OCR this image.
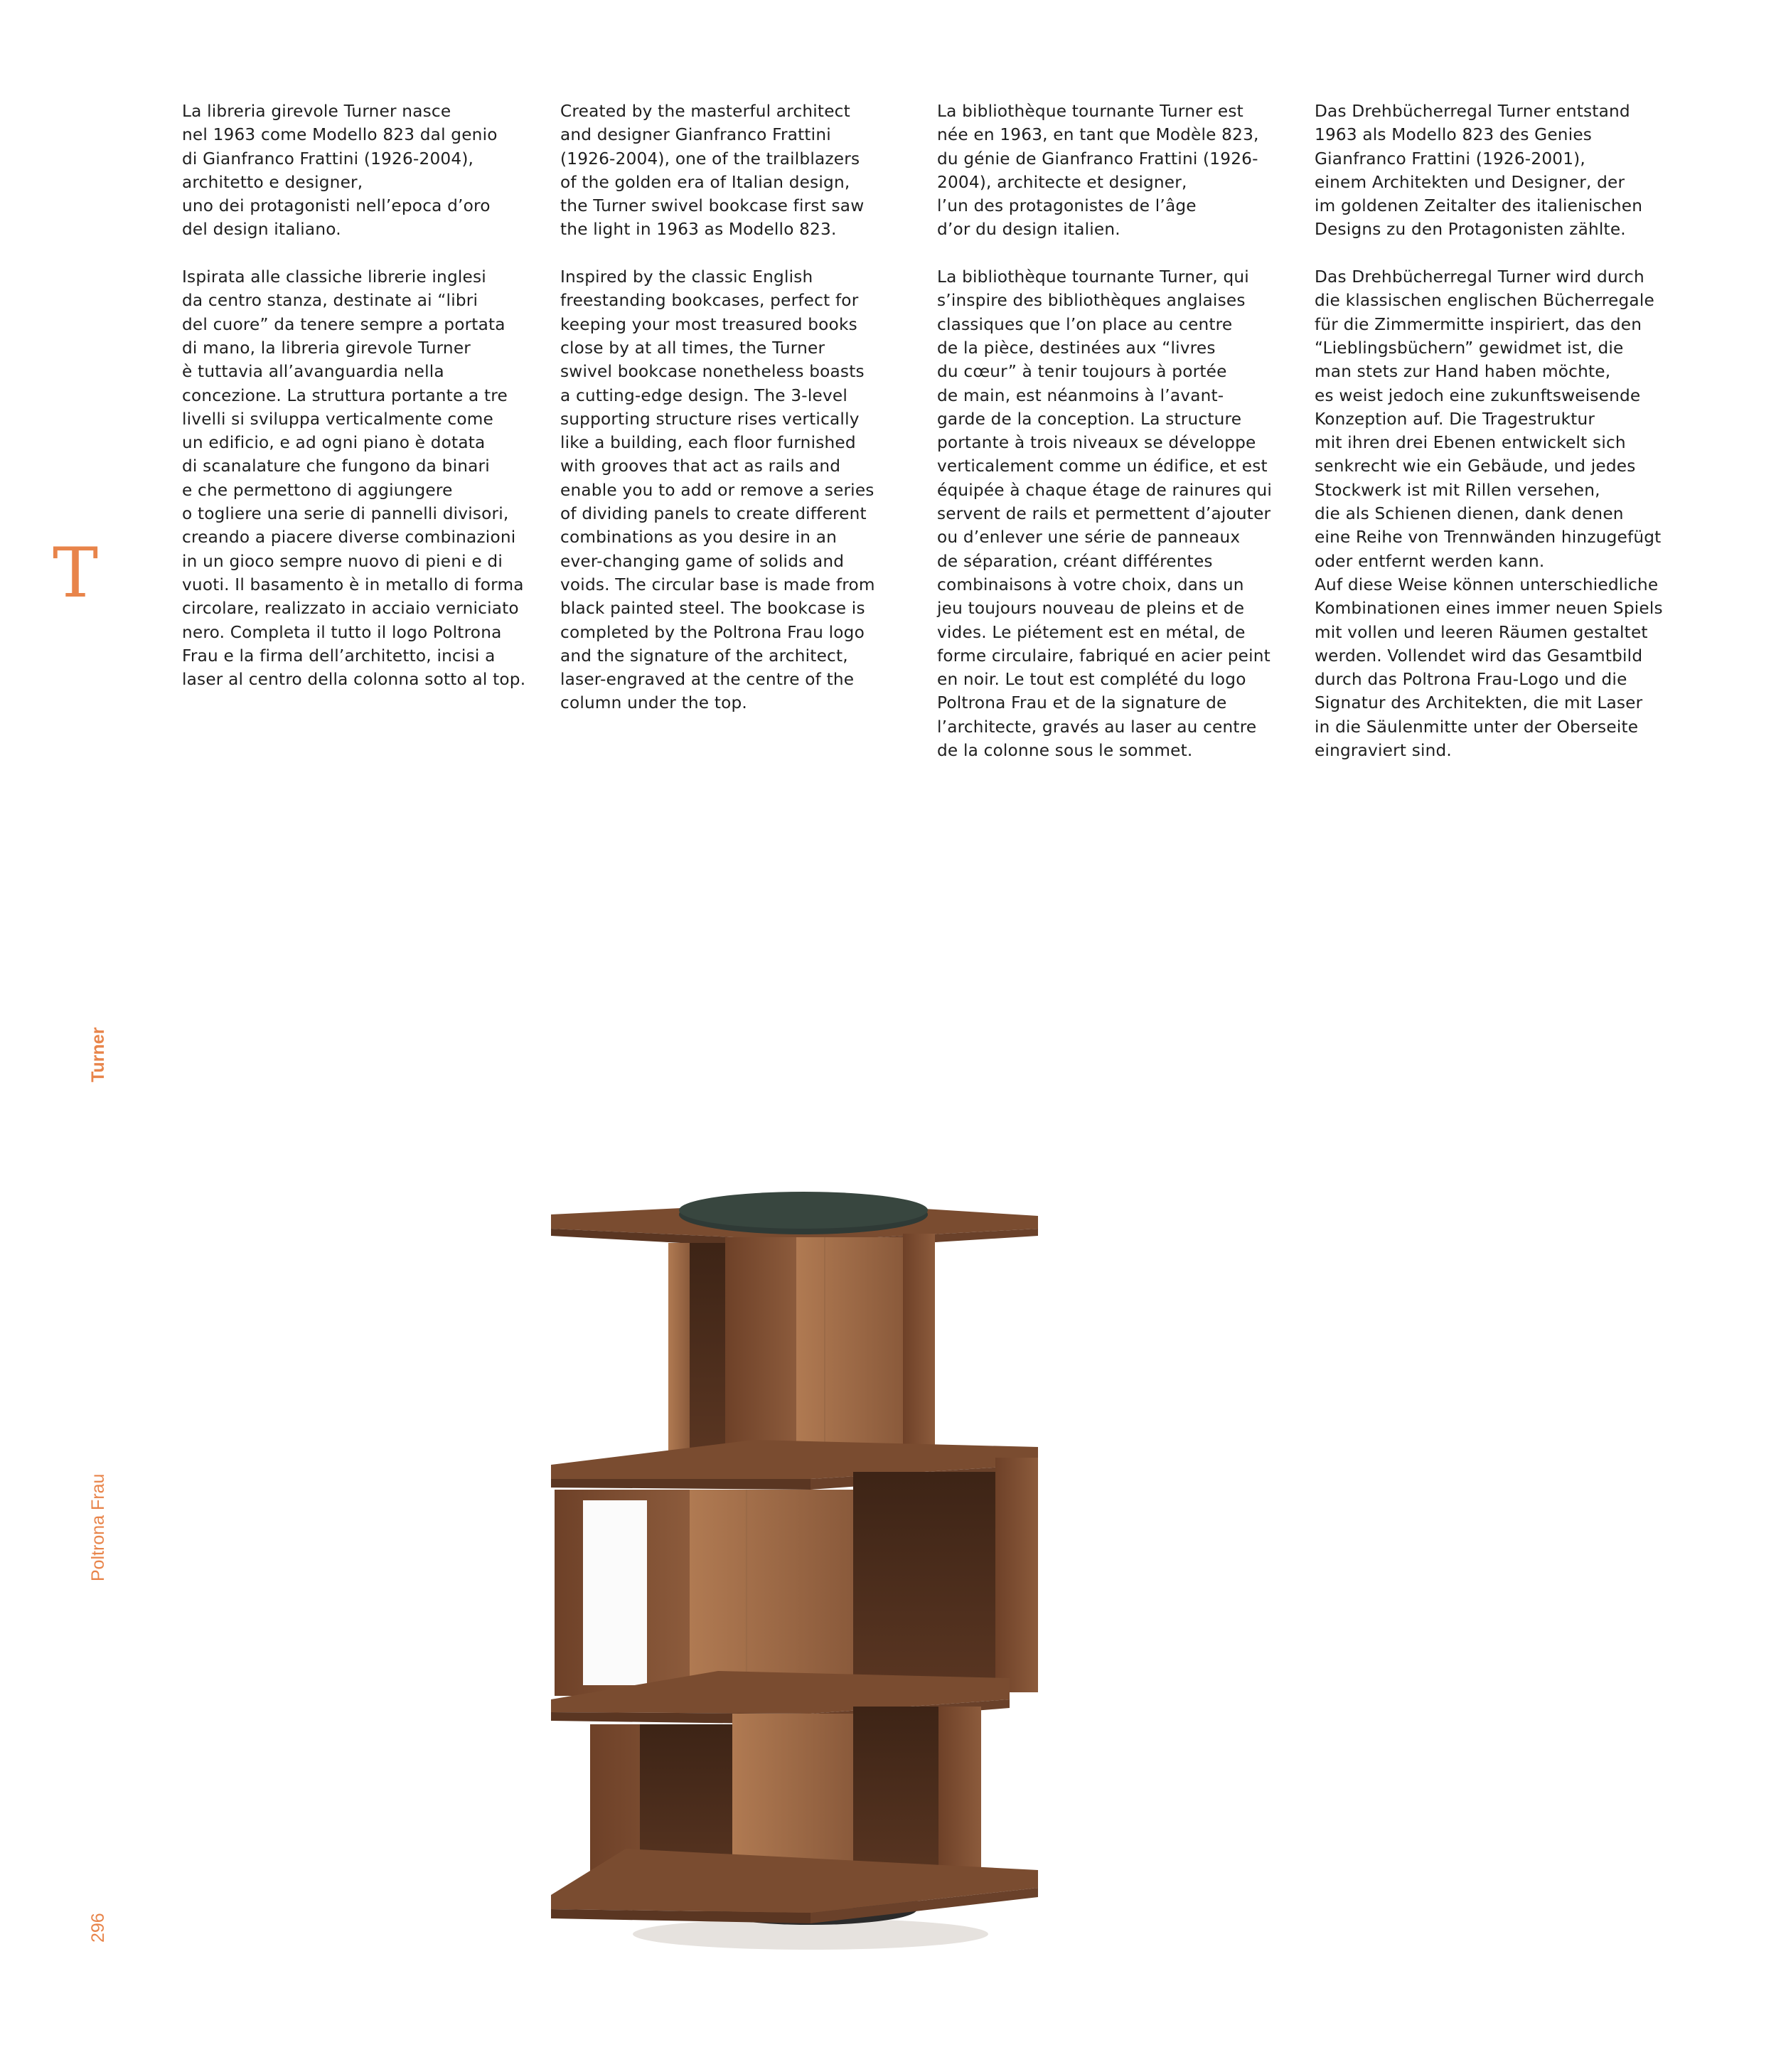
T
Turner
Poltrona Frau
296

La libreria girevole Turner nasce
nel 1963 come Modello 823 dal genio
di Gianfranco Frattini (1926-2004),
architetto e designer,
uno dei protagonisti nell’epoca d’oro
del design italiano.

Ispirata alle classiche librerie inglesi
da centro stanza, destinate ai “libri
del cuore” da tenere sempre a portata
di mano, la libreria girevole Turner
è tuttavia all’avanguardia nella
concezione. La struttura portante a tre
livelli si sviluppa verticalmente come
un edificio, e ad ogni piano è dotata
di scanalature che fungono da binari
e che permettono di aggiungere
o togliere una serie di pannelli divisori,
creando a piacere diverse combinazioni
in un gioco sempre nuovo di pieni e di
vuoti. Il basamento è in metallo di forma
circolare, realizzato in acciaio verniciato
nero. Completa il tutto il logo Poltrona
Frau e la firma dell’architetto, incisi a
laser al centro della colonna sotto al top.

Created by the masterful architect
and designer Gianfranco Frattini
(1926-2004), one of the trailblazers
of the golden era of Italian design,
the Turner swivel bookcase first saw
the light in 1963 as Modello 823.

Inspired by the classic English
freestanding bookcases, perfect for
keeping your most treasured books
close by at all times, the Turner
swivel bookcase nonetheless boasts
a cutting-edge design. The 3-level
supporting structure rises vertically
like a building, each floor furnished
with grooves that act as rails and
enable you to add or remove a series
of dividing panels to create different
combinations as you desire in an
ever-changing game of solids and
voids. The circular base is made from
black painted steel. The bookcase is
completed by the Poltrona Frau logo
and the signature of the architect,
laser-engraved at the centre of the
column under the top.

La bibliothèque tournante Turner est
née en 1963, en tant que Modèle 823,
du génie de Gianfranco Frattini (1926-
2004), architecte et designer,
l’un des protagonistes de l’âge
d’or du design italien.

La bibliothèque tournante Turner, qui
s’inspire des bibliothèques anglaises
classiques que l’on place au centre
de la pièce, destinées aux “livres
du cœur” à tenir toujours à portée
de main, est néanmoins à l’avant-
garde de la conception. La structure
portante à trois niveaux se développe
verticalement comme un édifice, et est
équipée à chaque étage de rainures qui
servent de rails et permettent d’ajouter
ou d’enlever une série de panneaux
de séparation, créant différentes
combinaisons à votre choix, dans un
jeu toujours nouveau de pleins et de
vides. Le piétement est en métal, de
forme circulaire, fabriqué en acier peint
en noir. Le tout est complété du logo
Poltrona Frau et de la signature de
l’architecte, gravés au laser au centre
de la colonne sous le sommet.

Das Drehbücherregal Turner entstand
1963 als Modello 823 des Genies
Gianfranco Frattini (1926-2001),
einem Architekten und Designer, der
im goldenen Zeitalter des italienischen
Designs zu den Protagonisten zählte.

Das Drehbücherregal Turner wird durch
die klassischen englischen Bücherregale
für die Zimmermitte inspiriert, das den
“Lieblingsbüchern” gewidmet ist, die
man stets zur Hand haben möchte,
es weist jedoch eine zukunftsweisende
Konzeption auf. Die Tragestruktur
mit ihren drei Ebenen entwickelt sich
senkrecht wie ein Gebäude, und jedes
Stockwerk ist mit Rillen versehen,
die als Schienen dienen, dank denen
eine Reihe von Trennwänden hinzugefügt
oder entfernt werden kann.
Auf diese Weise können unterschiedliche
Kombinationen eines immer neuen Spiels
mit vollen und leeren Räumen gestaltet
werden. Vollendet wird das Gesamtbild
durch das Poltrona Frau-Logo und die
Signatur des Architekten, die mit Laser
in die Säulenmitte unter der Oberseite
eingraviert sind.
